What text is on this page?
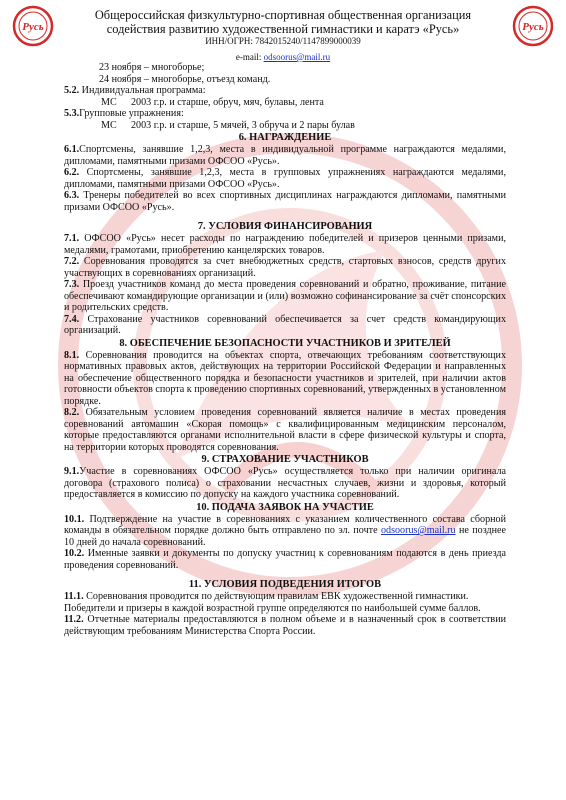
Русь	Русь
Общероссийская физкультурно-спортивная общественная организация
содействия развитию художественной гимнастики и каратэ «Русь»
ИНН/ОГРН: 7842015240/1147899000039
e-mail: odsoorus@mail.ru
23 ноября – многоборье;
24 ноября – многоборье, отъезд команд.
5.2. Индивидуальная программа:
МС	2003 г.р. и старше, обруч, мяч, булавы, лента
5.3.Групповые упражнения:
МС	2003 г.р. и старше, 5 мячей, 3 обруча и 2 пары булав
6. НАГРАЖДЕНИЕ
6.1.Спортсмены, занявшие 1,2,3, места в индивидуальной программе награждаются медалями, дипломами, памятными призами ОФСОО «Русь».
6.2. Спортсмены, занявшие 1,2,3, места в групповых упражнениях награждаются медалями, дипломами, памятными призами ОФСОО «Русь».
6.3. Тренеры победителей во всех спортивных дисциплинах награждаются дипломами, памятными призами ОФСОО «Русь».
7. УСЛОВИЯ ФИНАНСИРОВАНИЯ
7.1. ОФСОО «Русь» несет расходы по награждению победителей и призеров ценными призами, медалями, грамотами, приобретению канцелярских товаров.
7.2. Соревнования проводятся за счет внебюджетных средств, стартовых взносов, средств других участвующих в соревнованиях организаций.
7.3. Проезд участников команд до места проведения соревнований и обратно, проживание, питание обеспечивают командирующие организации и (или) возможно софинансирование за счёт спонсорских и родительских средств.
7.4. Страхование участников соревнований обеспечивается за счет средств командирующих организаций.
8. ОБЕСПЕЧЕНИЕ БЕЗОПАСНОСТИ УЧАСТНИКОВ И ЗРИТЕЛЕЙ
8.1. Соревнования проводится на объектах спорта, отвечающих требованиям соответствующих нормативных правовых актов, действующих на территории Российской Федерации и направленных на обеспечение общественного порядка и безопасности участников и зрителей, при наличии актов готовности объектов спорта к проведению спортивных соревнований, утвержденных в установленном порядке.
8.2. Обязательным условием проведения соревнований является наличие в местах проведения соревнований автомашин «Скорая помощь» с квалифицированным медицинским персоналом, которые предоставляются органами исполнительной власти в сфере физической культуры и спорта, на территории которых проводятся соревнования.
9. СТРАХОВАНИЕ УЧАСТНИКОВ
9.1.Участие в соревнованиях ОФСОО «Русь» осуществляется только при наличии оригинала договора (страхового полиса) о страховании несчастных случаев, жизни и здоровья, который предоставляется в комиссию по допуску на каждого участника соревнований.
10. ПОДАЧА ЗАЯВОК НА УЧАСТИЕ
10.1. Подтверждение на участие в соревнованиях с указанием количественного состава сборной команды в обязательном порядке должно быть отправлено по эл. почте odsoorus@mail.ru не позднее 10 дней до начала соревнований.
10.2. Именные заявки и документы по допуску участниц к соревнованиям подаются в день приезда проведения соревнований.
11. УСЛОВИЯ ПОДВЕДЕНИЯ ИТОГОВ
11.1. Соревнования проводится по действующим правилам ЕВК художественной гимнастики.
Победители и призеры в каждой возрастной группе определяются по наибольшей сумме баллов.
11.2. Отчетные материалы предоставляются в полном объеме и в назначенный срок в соответствии действующим требованиям Министерства Спорта России.
